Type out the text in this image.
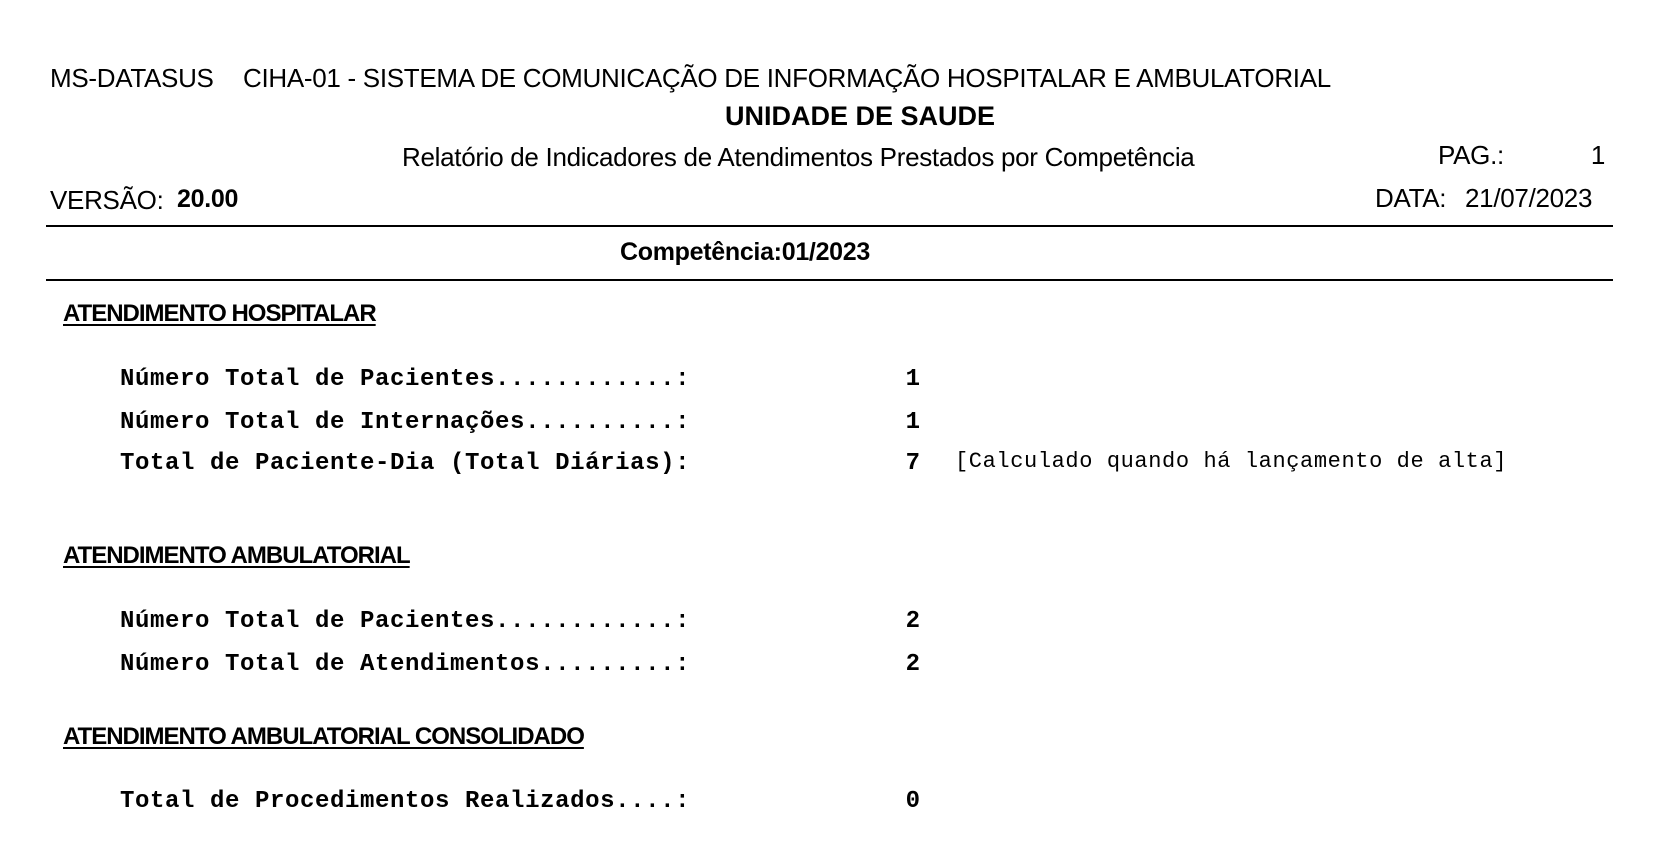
MS-DATASUS CIHA-01 - SISTEMA DE COMUNICAÇÃO DE INFORMAÇÃO HOSPITALAR E AMBULATORIAL
UNIDADE DE SAUDE
Relatório de Indicadores de Atendimentos Prestados por Competência	PAG.:	1
VERSÃO: 20.00	DATA: 21/07/2023
Competência:01/2023
ATENDIMENTO HOSPITALAR
Número Total de Pacientes............:	1
Número Total de Internações..........:	1
Total de Paciente-Dia (Total Diárias):	7 [Calculado quando há lançamento de alta]
ATENDIMENTO AMBULATORIAL
Número Total de Pacientes............:	2
Número Total de Atendimentos.........:	2
ATENDIMENTO AMBULATORIAL CONSOLIDADO
Total de Procedimentos Realizados....:	0
